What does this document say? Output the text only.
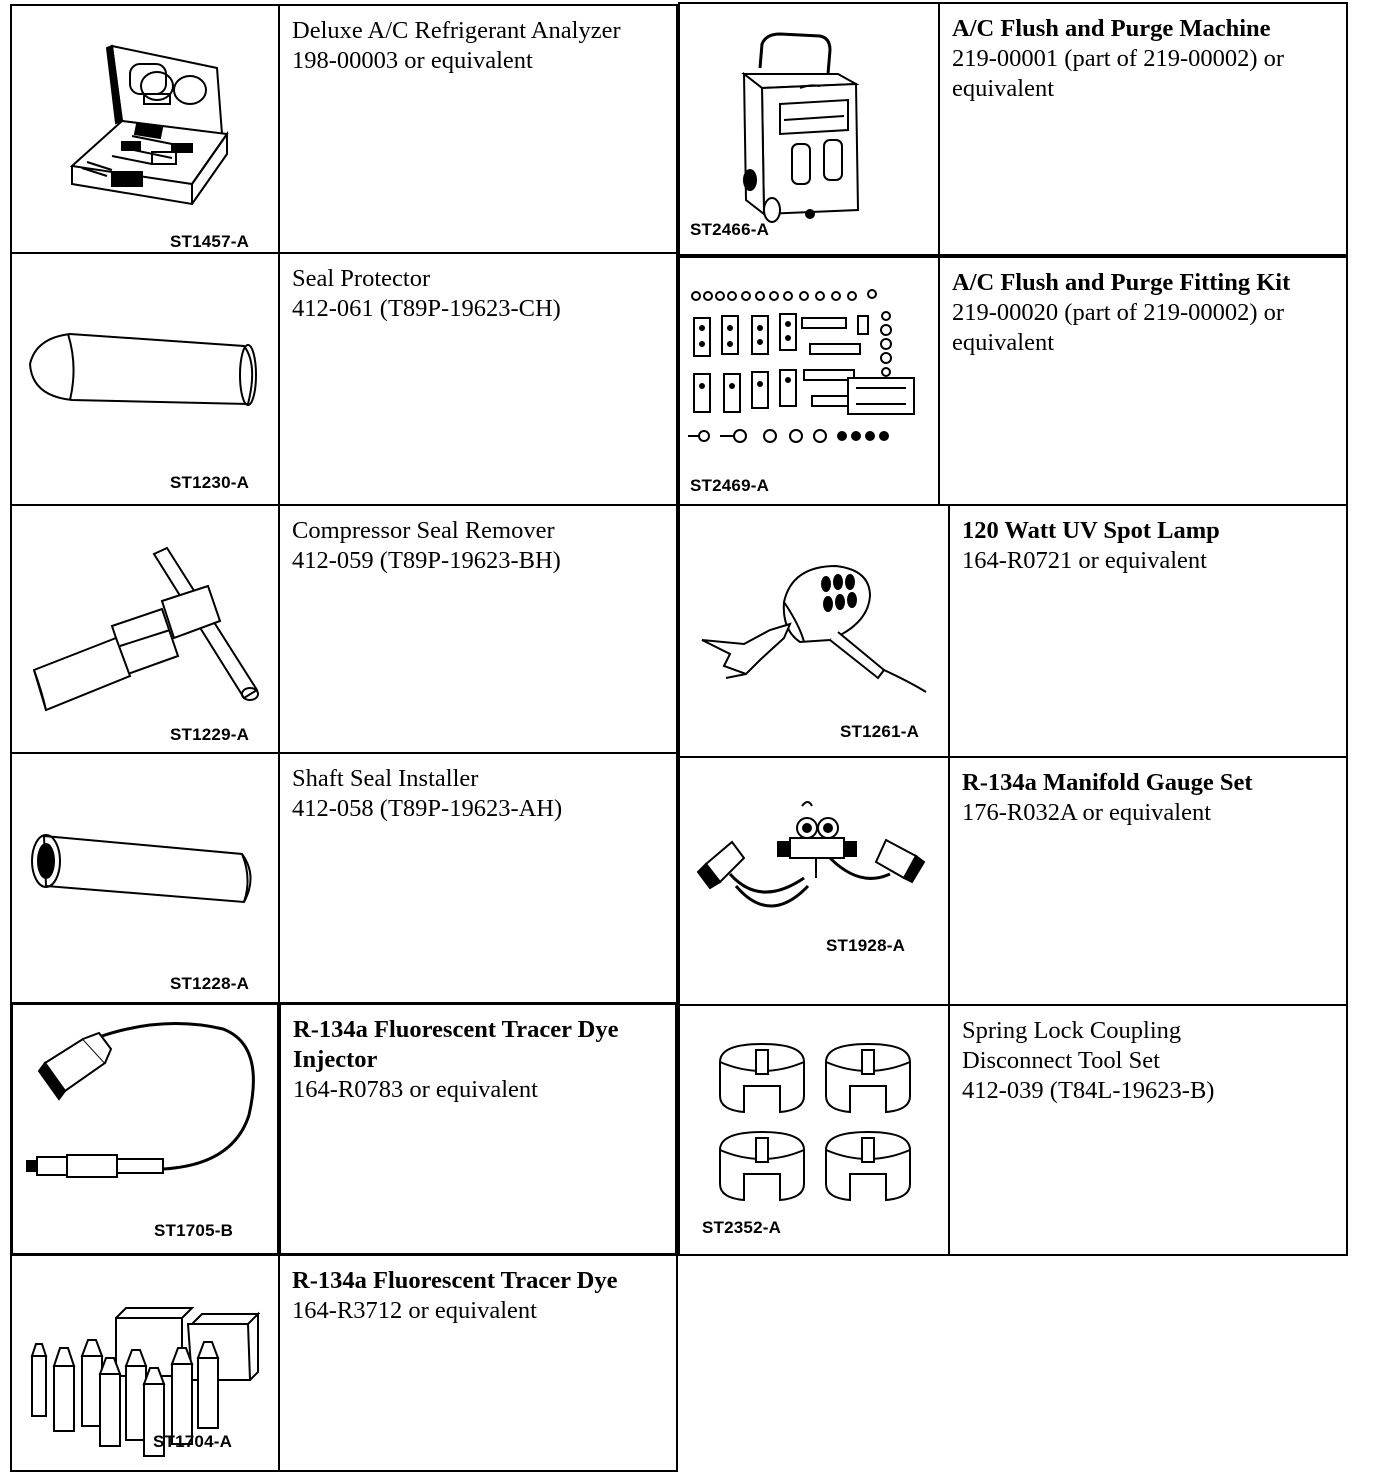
ST1457-A
Deluxe A/C Refrigerant Analyzer
198-00003 or equivalent
ST1230-A
Seal Protector
412-061 (T89P-19623-CH)
ST1229-A
Compressor Seal Remover
412-059 (T89P-19623-BH)
ST1228-A
Shaft Seal Installer
412-058 (T89P-19623-AH)
ST1705-B
R-134a Fluorescent Tracer Dye
Injector
164-R0783 or equivalent
ST1704-A
R-134a Fluorescent Tracer Dye
164-R3712 or equivalent
ST2466-A
A/C Flush and Purge Machine
219-00001 (part of 219-00002) or
equivalent
ST2469-A
A/C Flush and Purge Fitting Kit
219-00020 (part of 219-00002) or
equivalent
ST1261-A
120 Watt UV Spot Lamp
164-R0721 or equivalent
ST1928-A
R-134a Manifold Gauge Set
176-R032A or equivalent
ST2352-A
Spring Lock Coupling
Disconnect Tool Set
412-039 (T84L-19623-B)
